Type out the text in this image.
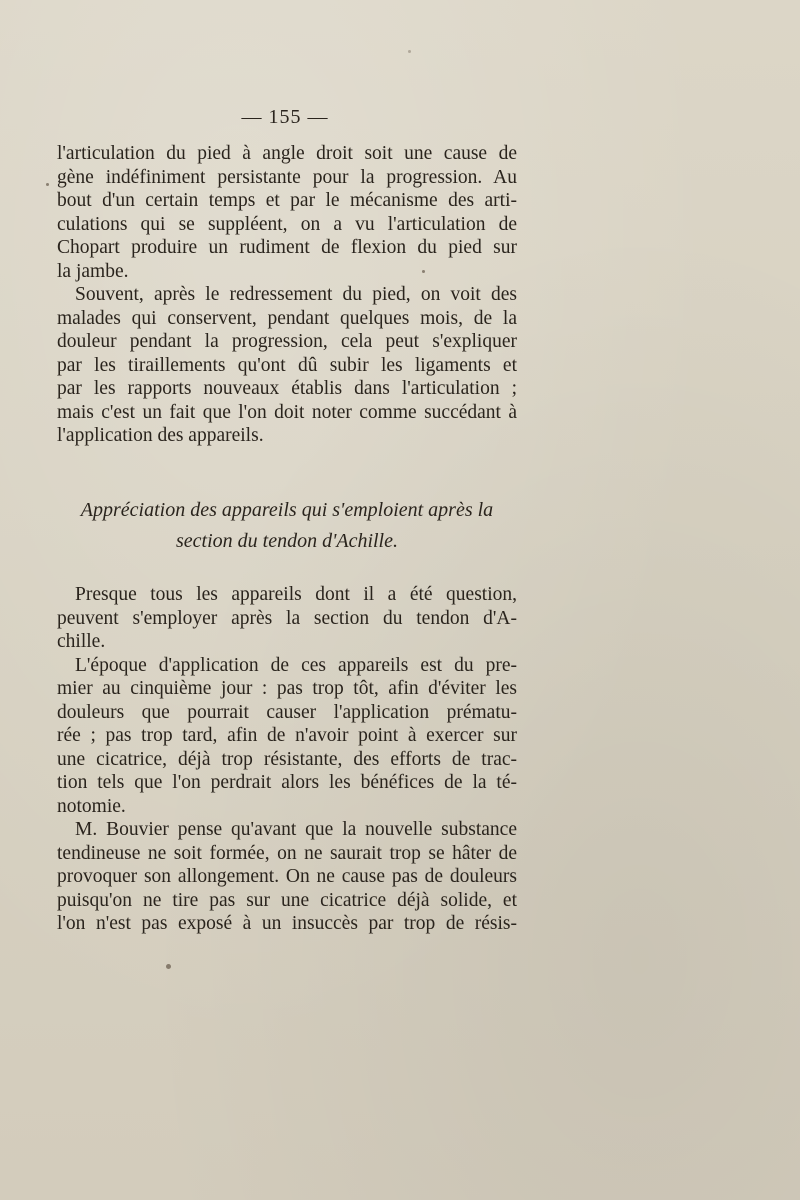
— 155 —
l'articulation du pied à angle droit soit une cause de
gène indéfiniment persistante pour la progression. Au
bout d'un certain temps et par le mécanisme des arti-
culations qui se suppléent, on a vu l'articulation de
Chopart produire un rudiment de flexion du pied sur
la jambe.
Souvent, après le redressement du pied, on voit des
malades qui conservent, pendant quelques mois, de la
douleur pendant la progression, cela peut s'expliquer
par les tiraillements qu'ont dû subir les ligaments et
par les rapports nouveaux établis dans l'articulation ;
mais c'est un fait que l'on doit noter comme succédant à
l'application des appareils.
Appréciation des appareils qui s'emploient après la
section du tendon d'Achille.
Presque tous les appareils dont il a été question,
peuvent s'employer après la section du tendon d'A-
chille.
L'époque d'application de ces appareils est du pre-
mier au cinquième jour : pas trop tôt, afin d'éviter les
douleurs que pourrait causer l'application prématu-
rée ; pas trop tard, afin de n'avoir point à exercer sur
une cicatrice, déjà trop résistante, des efforts de trac-
tion tels que l'on perdrait alors les bénéfices de la té-
notomie.
M. Bouvier pense qu'avant que la nouvelle substance
tendineuse ne soit formée, on ne saurait trop se hâter de
provoquer son allongement. On ne cause pas de douleurs
puisqu'on ne tire pas sur une cicatrice déjà solide, et
l'on n'est pas exposé à un insuccès par trop de résis-
